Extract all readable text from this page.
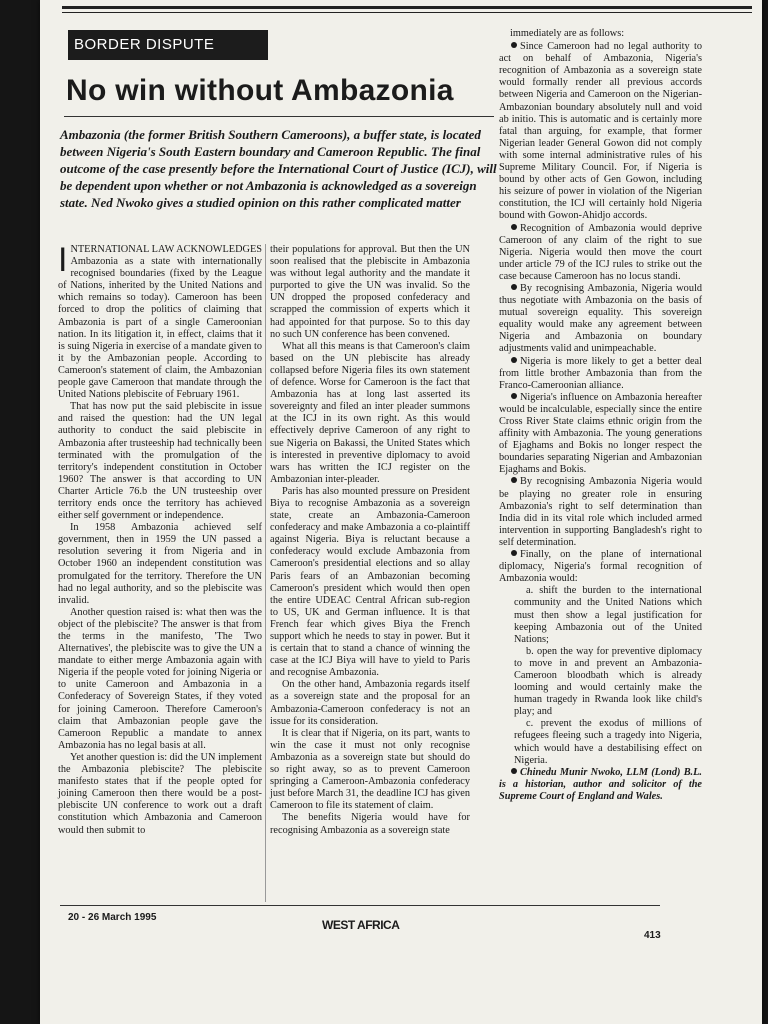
BORDER DISPUTE
No win without Ambazonia
Ambazonia (the former British Southern Cameroons), a buffer state, is located between Nigeria's South Eastern boundary and Cameroon Republic. The final outcome of the case presently before the International Court of Justice (ICJ), will be dependent upon whether or not Ambazonia is acknowledged as a sovereign state. Ned Nwoko gives a studied opinion on this rather complicated matter

INTERNATIONAL LAW ACKNOWLEDGES Ambazonia as a state with internationally recognised boundaries (fixed by the League of Nations, inherited by the United Nations and which remains so today). Cameroon has been forced to drop the politics of claiming that Ambazonia is part of a single Cameroonian nation. In its litigation it, in effect, claims that it is suing Nigeria in exercise of a mandate given to it by the Ambazonian people. According to Cameroon's statement of claim, the Ambazonian people gave Cameroon that mandate through the United Nations plebiscite of February 1961.

That has now put the said plebiscite in issue and raised the question: had the UN legal authority to conduct the said plebiscite in Ambazonia after trusteeship had technically been terminated with the promulgation of the territory's independent constitution in October 1960? The answer is that according to UN Charter Article 76.b the UN trusteeship over territory ends once the territory has achieved either self government or independence.

In 1958 Ambazonia achieved self government, then in 1959 the UN passed a resolution severing it from Nigeria and in October 1960 an independent constitution was promulgated for the territory. Therefore the UN had no legal authority, and so the plebiscite was invalid.

Another question raised is: what then was the object of the plebiscite? The answer is that from the terms in the manifesto, 'The Two Alternatives', the plebiscite was to give the UN a mandate to either merge Ambazonia again with Nigeria if the people voted for joining Nigeria or to unite Cameroon and Ambazonia in a Confederacy of Sovereign States, if they voted for joining Cameroon. Therefore Cameroon's claim that Ambazonian people gave the Cameroon Republic a mandate to annex Ambazonia has no legal basis at all.

Yet another question is: did the UN implement the Ambazonia plebiscite? The plebiscite manifesto states that if the people opted for joining Cameroon then there would be a post-plebiscite UN conference to work out a draft constitution which Ambazonia and Cameroon would then submit to

their populations for approval. But then the UN soon realised that the plebiscite in Ambazonia was without legal authority and the mandate it purported to give the UN was invalid. So the UN dropped the proposed confederacy and scrapped the commission of experts which it had appointed for that purpose. So to this day no such UN conference has been convened.

What all this means is that Cameroon's claim based on the UN plebiscite has already collapsed before Nigeria files its own statement of defence. Worse for Cameroon is the fact that Ambazonia has at long last asserted its sovereignty and filed an inter pleader summons at the ICJ in its own right. As this would effectively deprive Cameroon of any right to sue Nigeria on Bakassi, the United States which is interested in preventive diplomacy to avoid wars has written the ICJ register on the Ambazonian inter-pleader.

Paris has also mounted pressure on President Biya to recognise Ambazonia as a sovereign state, create an Ambazonia-Cameroon confederacy and make Ambazonia a co-plaintiff against Nigeria. Biya is reluctant because a confederacy would exclude Ambazonia from Cameroon's presidential elections and so allay Paris fears of an Ambazonian becoming Cameroon's president which would then open the entire UDEAC Central African sub-region to US, UK and German influence. It is that French fear which gives Biya the French support which he needs to stay in power. But it is certain that to stand a chance of winning the case at the ICJ Biya will have to yield to Paris and recognise Ambazonia.

On the other hand, Ambazonia regards itself as a sovereign state and the proposal for an Ambazonia-Cameroon confederacy is not an issue for its consideration.

It is clear that if Nigeria, on its part, wants to win the case it must not only recognise Ambazonia as a sovereign state but should do so right away, so as to prevent Cameroon springing a Cameroon-Ambazonia confederacy just before March 31, the deadline ICJ has given Cameroon to file its statement of claim.

The benefits Nigeria would have for recognising Ambazonia as a sovereign state

immediately are as follows:

Since Cameroon had no legal authority to act on behalf of Ambazonia, Nigeria's recognition of Ambazonia as a sovereign state would formally render all previous accords between Nigeria and Cameroon on the Nigerian-Ambazonian boundary absolutely null and void ab initio. This is automatic and is certainly more fatal than arguing, for example, that former Nigerian leader General Gowon did not comply with some internal administrative rules of his Supreme Military Council. For, if Nigeria is bound by other acts of Gen Gowon, including his seizure of power in violation of the Nigerian constitution, the ICJ will certainly hold Nigeria bound with Gowon-Ahidjo accords.

Recognition of Ambazonia would deprive Cameroon of any claim of the right to sue Nigeria. Nigeria would then move the court under article 79 of the ICJ rules to strike out the case because Cameroon has no locus standi.

By recognising Ambazonia, Nigeria would thus negotiate with Ambazonia on the basis of mutual sovereign equality. This sovereign equality would make any agreement between Nigeria and Ambazonia on boundary adjustments valid and unimpeachable.

Nigeria is more likely to get a better deal from little brother Ambazonia than from the Franco-Cameroonian alliance.

Nigeria's influence on Ambazonia hereafter would be incalculable, especially since the entire Cross River State claims ethnic origin from the affinity with Ambazonia. The young generations of Ejaghams and Bokis no longer respect the boundaries separating Nigerian and Ambazonian Ejaghams and Bokis.

By recognising Ambazonia Nigeria would be playing no greater role in ensuring Ambazonia's right to self determination than India did in its vital role which included armed intervention in supporting Bangladesh's right to self determination.

Finally, on the plane of international diplomacy, Nigeria's formal recognition of Ambazonia would:

a. shift the burden to the international community and the United Nations which must then show a legal justification for keeping Ambazonia out of the United Nations;

b. open the way for preventive diplomacy to move in and prevent an Ambazonia-Cameroon bloodbath which is already looming and would certainly make the human tragedy in Rwanda look like child's play; and

c. prevent the exodus of millions of refugees fleeing such a tragedy into Nigeria, which would have a destabilising effect on Nigeria.

Chinedu Munir Nwoko, LLM (Lond) B.L. is a historian, author and solicitor of the Supreme Court of England and Wales.

20 - 26 March 1995
WEST AFRICA
413
